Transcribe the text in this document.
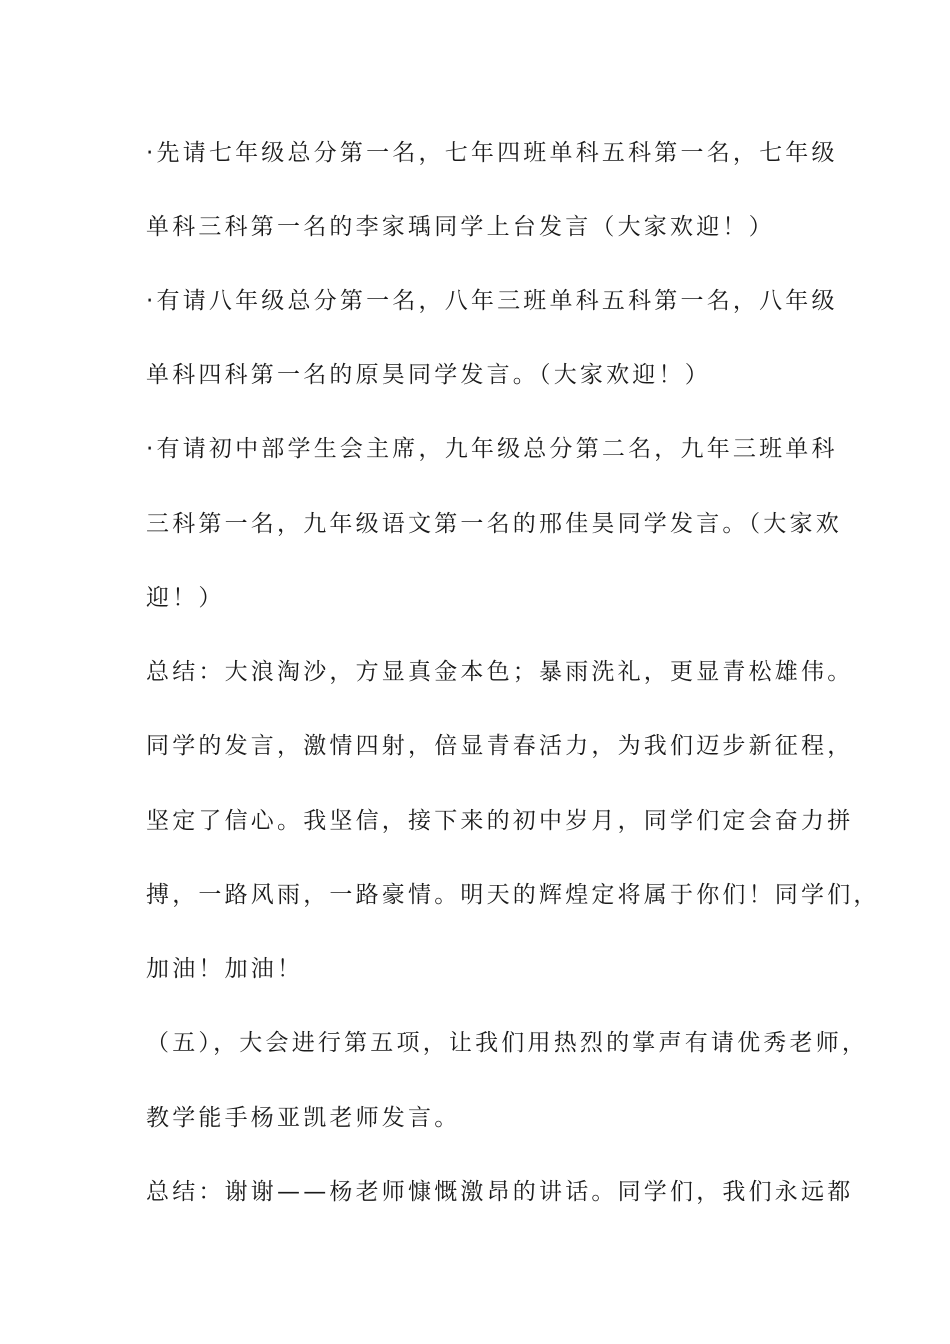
·先请七年级总分第一名，七年四班单科五科第一名，七年级
单科三科第一名的李家瑀同学上台发言（大家欢迎！）
·有请八年级总分第一名，八年三班单科五科第一名，八年级
单科四科第一名的原昊同学发言。（大家欢迎！）
·有请初中部学生会主席，九年级总分第二名，九年三班单科
三科第一名，九年级语文第一名的邢佳昊同学发言。（大家欢
迎！）
总结：大浪淘沙，方显真金本色；暴雨洗礼，更显青松雄伟。
同学的发言，激情四射，倍显青春活力，为我们迈步新征程，
坚定了信心。我坚信，接下来的初中岁月，同学们定会奋力拼
搏，一路风雨，一路豪情。明天的辉煌定将属于你们！同学们，
加油！加油！
（五），大会进行第五项，让我们用热烈的掌声有请优秀老师，
教学能手杨亚凯老师发言。
总结：谢谢——杨老师慷慨激昂的讲话。同学们，我们永远都
